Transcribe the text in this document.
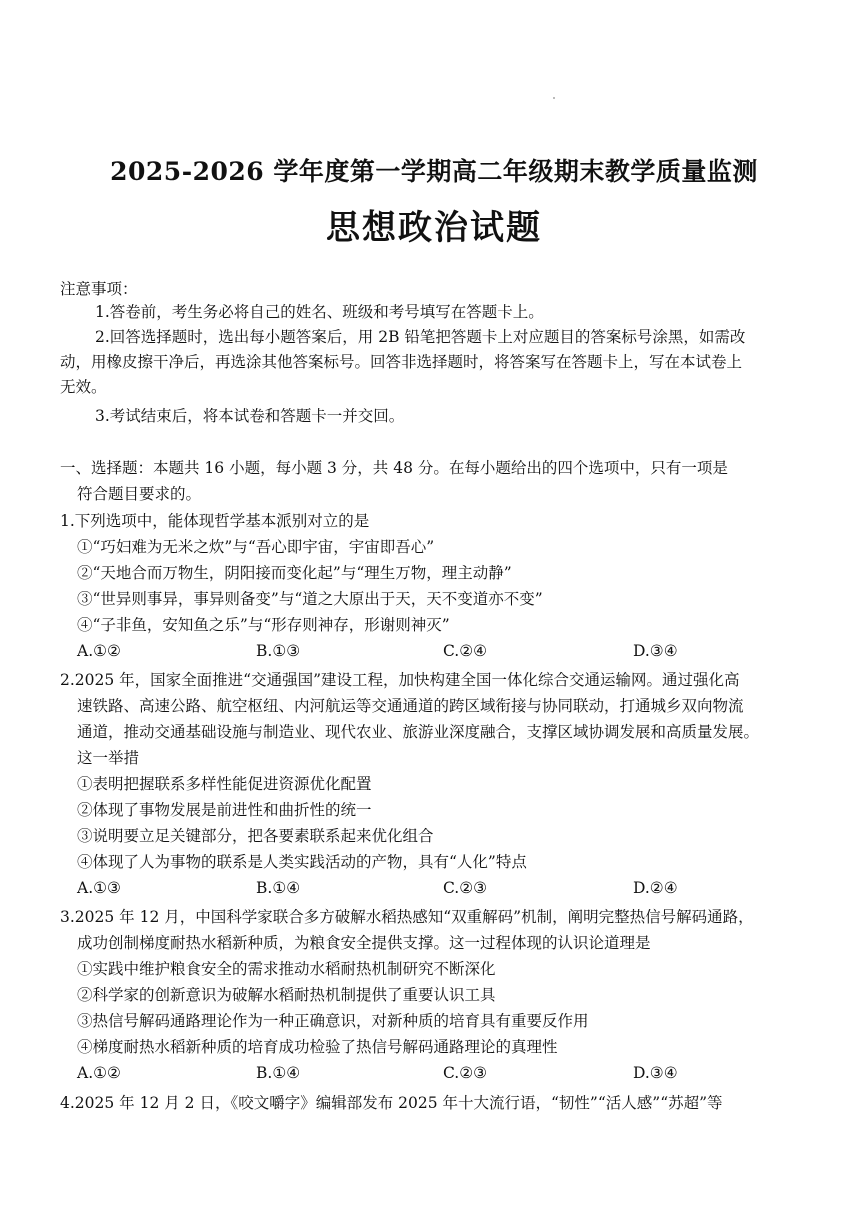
2025-2026 学年度第一学期高二年级期末教学质量监测
思想政治试题
注意事项：
1.答卷前，考生务必将自己的姓名、班级和考号填写在答题卡上。
2.回答选择题时，选出每小题答案后，用 2B 铅笔把答题卡上对应题目的答案标号涂黑，如需改
动，用橡皮擦干净后，再选涂其他答案标号。回答非选择题时，将答案写在答题卡上，写在本试卷上
无效。
3.考试结束后，将本试卷和答题卡一并交回。
一、选择题：本题共 16 小题，每小题 3 分，共 48 分。在每小题给出的四个选项中，只有一项是
符合题目要求的。
1.下列选项中，能体现哲学基本派别对立的是
①“巧妇难为无米之炊”与“吾心即宇宙，宇宙即吾心”
②“天地合而万物生，阴阳接而变化起”与“理生万物，理主动静”
③“世异则事异，事异则备变”与“道之大原出于天，天不变道亦不变”
④“子非鱼，安知鱼之乐”与“形存则神存，形谢则神灭”
A.①②	B.①③	C.②④	D.③④
2.2025 年，国家全面推进“交通强国”建设工程，加快构建全国一体化综合交通运输网。通过强化高
速铁路、高速公路、航空枢纽、内河航运等交通通道的跨区域衔接与协同联动，打通城乡双向物流
通道，推动交通基础设施与制造业、现代农业、旅游业深度融合，支撑区域协调发展和高质量发展。
这一举措
①表明把握联系多样性能促进资源优化配置
②体现了事物发展是前进性和曲折性的统一
③说明要立足关键部分，把各要素联系起来优化组合
④体现了人为事物的联系是人类实践活动的产物，具有“人化”特点
A.①③	B.①④	C.②③	D.②④
3.2025 年 12 月，中国科学家联合多方破解水稻热感知“双重解码”机制，阐明完整热信号解码通路，
成功创制梯度耐热水稻新种质，为粮食安全提供支撑。这一过程体现的认识论道理是
①实践中维护粮食安全的需求推动水稻耐热机制研究不断深化
②科学家的创新意识为破解水稻耐热机制提供了重要认识工具
③热信号解码通路理论作为一种正确意识，对新种质的培育具有重要反作用
④梯度耐热水稻新种质的培育成功检验了热信号解码通路理论的真理性
A.①②	B.①④	C.②③	D.③④
4.2025 年 12 月 2 日，《咬文嚼字》编辑部发布 2025 年十大流行语，“韧性”“活人感”“苏超”等
